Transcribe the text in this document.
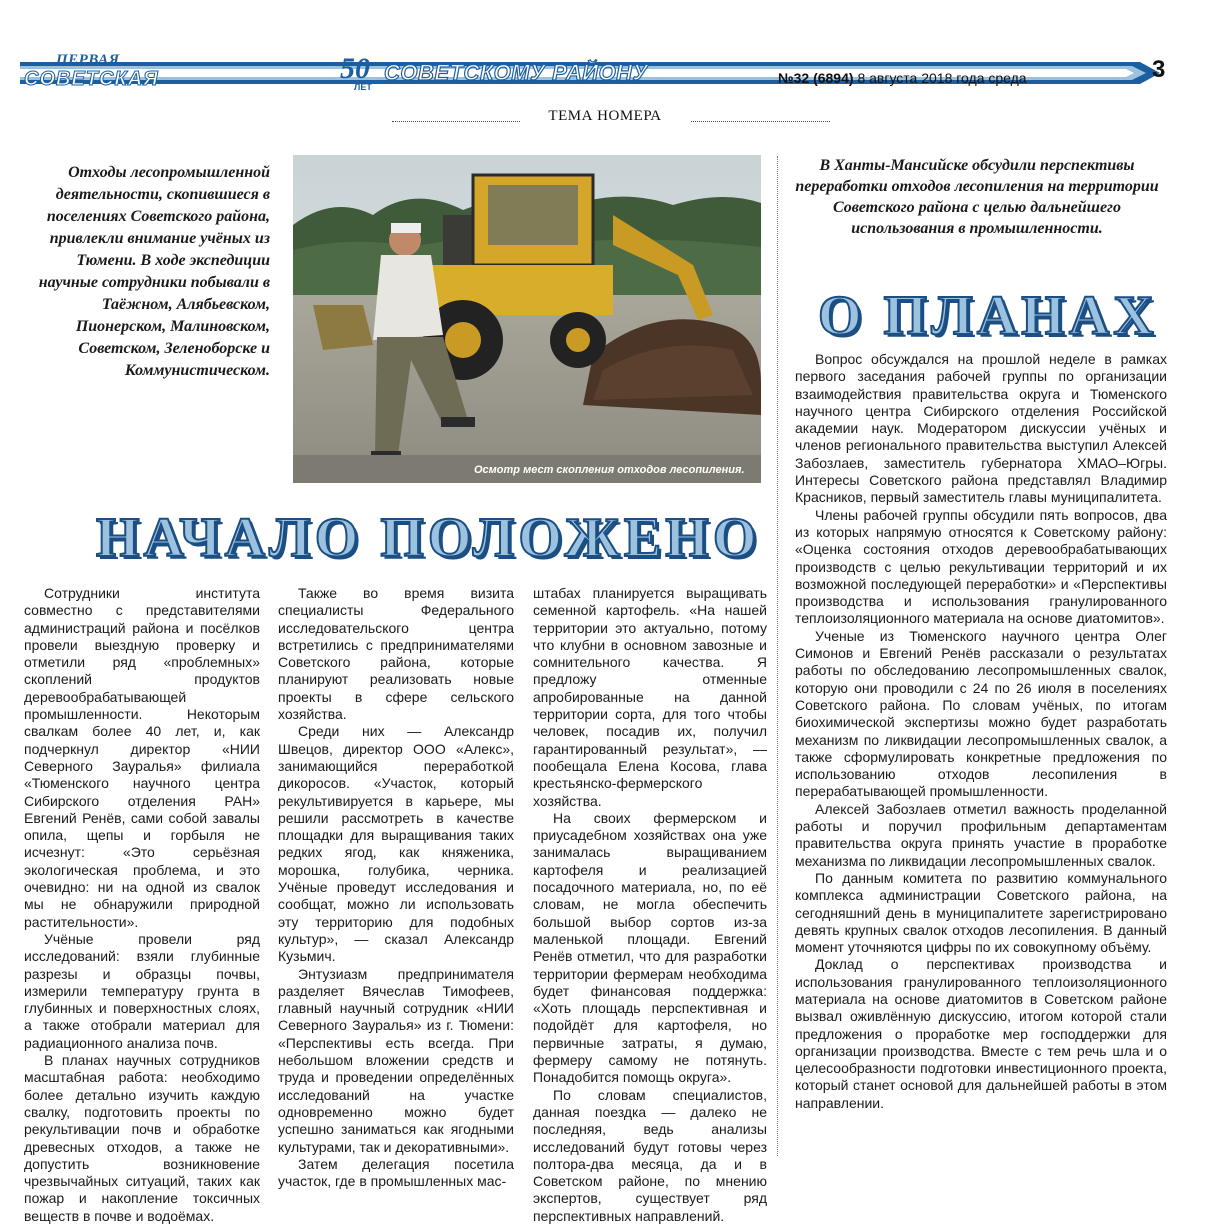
ПЕРВАЯ
СОВЕТСКАЯ	50
ЛЕТ
СОВЕТСКОМУ РАЙОНУ	№32 (6894) 8 августа 2018 года среда	3
ТЕМА НОМЕРА
Отходы лесопромышленной деятельности, скопившиеся в поселениях Советского района, привлекли внимание учёных из Тюмени. В ходе экспедиции научные сотрудники побывали в Таёжном, Алябьевском, Пионерском, Малиновском, Советском, Зеленоборске и Коммунистическом.
В Ханты-Мансийске обсудили перспективы переработки отходов лесопиления на территории Советского района с целью дальнейшего использования в промышленности.
Осмотр мест скопления отходов лесопиления.
НАЧАЛО ПОЛОЖЕНО
О ПЛАНАХ

Сотрудники института совместно с представителями администраций района и посёлков провели выездную проверку и отметили ряд «проблемных» скоплений продуктов деревообрабатывающей промышленности. Некоторым свалкам более 40 лет, и, как подчеркнул директор «НИИ Северного Зауралья» филиала «Тюменского научного центра Сибирского отделения РАН» Евгений Ренёв, сами собой завалы опила, щепы и горбыля не исчезнут: «Это серьёзная экологическая проблема, и это очевидно: ни на одной из свалок мы не обнаружили природной растительности».

Учёные провели ряд исследований: взяли глубинные разрезы и образцы почвы, измерили температуру грунта в глубинных и поверхностных слоях, а также отобрали материал для радиационного анализа почв.

В планах научных сотрудников масштабная работа: необходимо более детально изучить каждую свалку, подготовить проекты по рекультивации почв и обработке древесных отходов, а также не допустить возникновение чрезвычайных ситуаций, таких как пожар и накопление токсичных веществ в почве и водоёмах.

Также во время визита специалисты Федерального исследовательского центра встретились с предпринимателями Советского района, которые планируют реализовать новые проекты в сфере сельского хозяйства.

Среди них — Александр Швецов, директор ООО «Алекс», занимающийся переработкой дикоросов. «Участок, который рекультивируется в карьере, мы решили рассмотреть в качестве площадки для выращивания таких редких ягод, как княженика, морошка, голубика, черника. Учёные проведут исследования и сообщат, можно ли использовать эту территорию для подобных культур», — сказал Александр Кузьмич.

Энтузиазм предпринимателя разделяет Вячеслав Тимофеев, главный научный сотрудник «НИИ Северного Зауралья» из г. Тюмени: «Перспективы есть всегда. При небольшом вложении средств и труда и проведении определённых исследований на участке одновременно можно будет успешно заниматься как ягодными культурами, так и декоративными».

Затем делегация посетила участок, где в промышленных мас-

штабах планируется выращивать семенной картофель. «На нашей территории это актуально, потому что клубни в основном завозные и сомнительного качества. Я предложу отменные апробированные на данной территории сорта, для того чтобы человек, посадив их, получил гарантированный результат», — пообещала Елена Косова, глава крестьянско-фермерского хозяйства.

На своих фермерском и приусадебном хозяйствах она уже занималась выращиванием картофеля и реализацией посадочного материала, но, по её словам, не могла обеспечить большой выбор сортов из-за маленькой площади. Евгений Ренёв отметил, что для разработки территории фермерам необходима будет финансовая поддержка: «Хоть площадь перспективная и подойдёт для картофеля, но первичные затраты, я думаю, фермеру самому не потянуть. Понадобится помощь округа».

По словам специалистов, данная поездка — далеко не последняя, ведь анализы исследований будут готовы через полтора-два месяца, да и в Советском районе, по мнению экспертов, существует ряд перспективных направлений.

Вопрос обсуждался на прошлой неделе в рамках первого заседания рабочей группы по организации взаимодействия правительства округа и Тюменского научного центра Сибирского отделения Российской академии наук. Модератором дискуссии учёных и членов регионального правительства выступил Алексей Забозлаев, заместитель губернатора ХМАО–Югры. Интересы Советского района представлял Владимир Красников, первый заместитель главы муниципалитета.

Члены рабочей группы обсудили пять вопросов, два из которых напрямую относятся к Советскому району: «Оценка состояния отходов деревообрабатывающих производств с целью рекультивации территорий и их возможной последующей переработки» и «Перспективы производства и использования гранулированного теплоизоляционного материала на основе диатомитов».

Ученые из Тюменского научного центра Олег Симонов и Евгений Ренёв рассказали о результатах работы по обследованию лесопромышленных свалок, которую они проводили с 24 по 26 июля в поселениях Советского района. По словам учёных, по итогам биохимической экспертизы можно будет разработать механизм по ликвидации лесопромышленных свалок, а также сформулировать конкретные предложения по использованию отходов лесопиления в перерабатывающей промышленности.

Алексей Забозлаев отметил важность проделанной работы и поручил профильным департаментам правительства округа принять участие в проработке механизма по ликвидации лесопромышленных свалок.

По данным комитета по развитию коммунального комплекса администрации Советского района, на сегодняшний день в муниципалитете зарегистрировано девять крупных свалок отходов лесопиления. В данный момент уточняются цифры по их совокупному объёму.

Доклад о перспективах производства и использования гранулированного теплоизоляционного материала на основе диатомитов в Советском районе вызвал оживлённую дискуссию, итогом которой стали предложения о проработке мер господдержки для организации производства. Вместе с тем речь шла и о целесообразности подготовки инвестиционного проекта, который станет основой для дальнейшей работы в этом направлении.
